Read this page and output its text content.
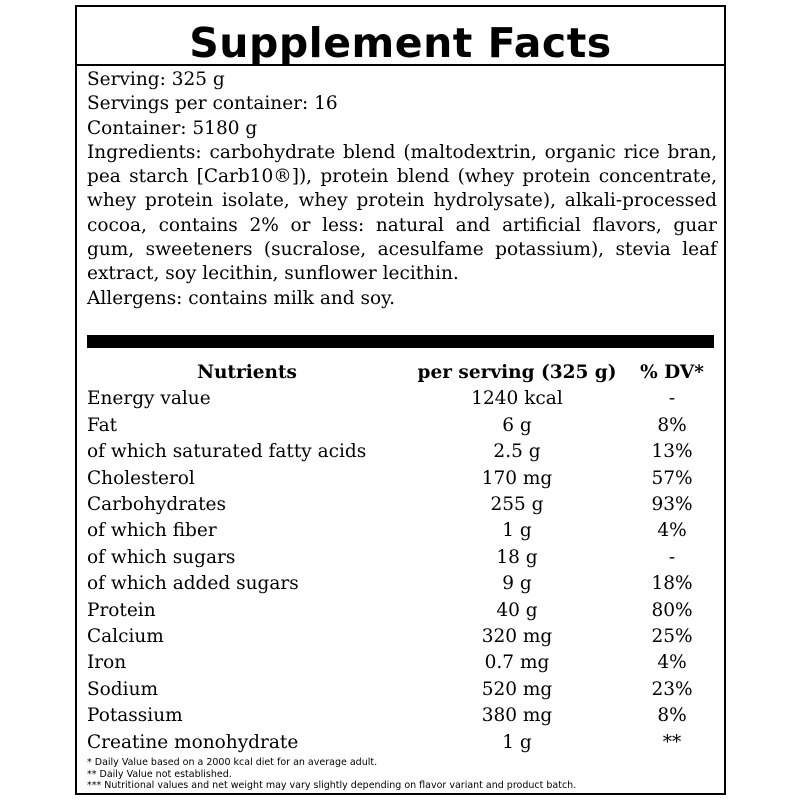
Supplement Facts
Serving: 325 g
Servings per container: 16
Container: 5180 g
Ingredients: carbohydrate blend (maltodextrin, organic rice bran, pea starch [Carb10®]), protein blend (whey protein concentrate, whey protein isolate, whey protein hydrolysate), alkali-processed cocoa, contains 2% or less: natural and artificial flavors, guar gum, sweeteners (sucralose, acesulfame potassium), stevia leaf extract, soy lecithin, sunflower lecithin.
Allergens: contains milk and soy.
Nutrients	per serving (325 g)	% DV*
Energy value	1240 kcal	-
Fat	6 g	8%
of which saturated fatty acids	2.5 g	13%
Cholesterol	170 mg	57%
Carbohydrates	255 g	93%
of which fiber	1 g	4%
of which sugars	18 g	-
of which added sugars	9 g	18%
Protein	40 g	80%
Calcium	320 mg	25%
Iron	0.7 mg	4%
Sodium	520 mg	23%
Potassium	380 mg	8%
Creatine monohydrate	1 g	**
* Daily Value based on a 2000 kcal diet for an average adult.
** Daily Value not established.
*** Nutritional values and net weight may vary slightly depending on flavor variant and product batch.
